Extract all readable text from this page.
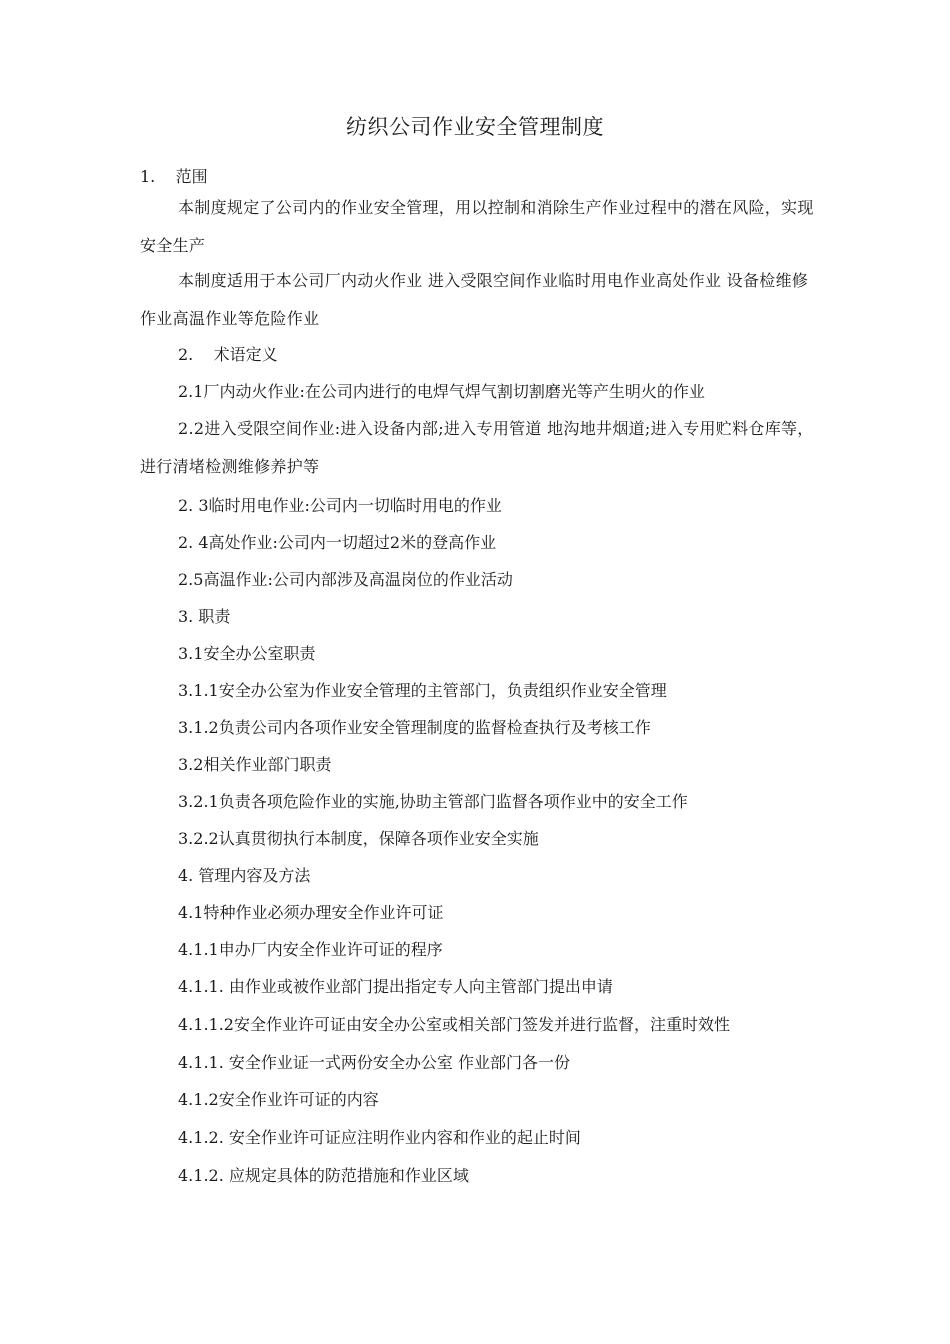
纺织公司作业安全管理制度
1.    范围
本制度规定了公司内的作业安全管理，用以控制和消除生产作业过程中的潜在风险，实现安全生产
本制度适用于本公司厂内动火作业 进入受限空间作业临时用电作业高处作业 设备检维修作业高温作业等危险作业
2.    术语定义
2.1厂内动火作业:在公司内进行的电焊气焊气割切割磨光等产生明火的作业
2.2进入受限空间作业:进入设备内部;进入专用管道 地沟地井烟道;进入专用贮料仓库等，进行清堵检测维修养护等
2. 3临时用电作业:公司内一切临时用电的作业
2. 4高处作业:公司内一切超过2米的登高作业
2.5高温作业:公司内部涉及高温岗位的作业活动
3. 职责
3.1安全办公室职责
3.1.1安全办公室为作业安全管理的主管部门，负责组织作业安全管理
3.1.2负责公司内各项作业安全管理制度的监督检查执行及考核工作
3.2相关作业部门职责
3.2.1负责各项危险作业的实施,协助主管部门监督各项作业中的安全工作
3.2.2认真贯彻执行本制度，保障各项作业安全实施
4. 管理内容及方法
4.1特种作业必须办理安全作业许可证
4.1.1申办厂内安全作业许可证的程序
4.1.1. 由作业或被作业部门提出指定专人向主管部门提出申请
4.1.1.2安全作业许可证由安全办公室或相关部门签发并进行监督，注重时效性
4.1.1. 安全作业证一式两份安全办公室 作业部门各一份
4.1.2安全作业许可证的内容
4.1.2. 安全作业许可证应注明作业内容和作业的起止时间
4.1.2. 应规定具体的防范措施和作业区域
